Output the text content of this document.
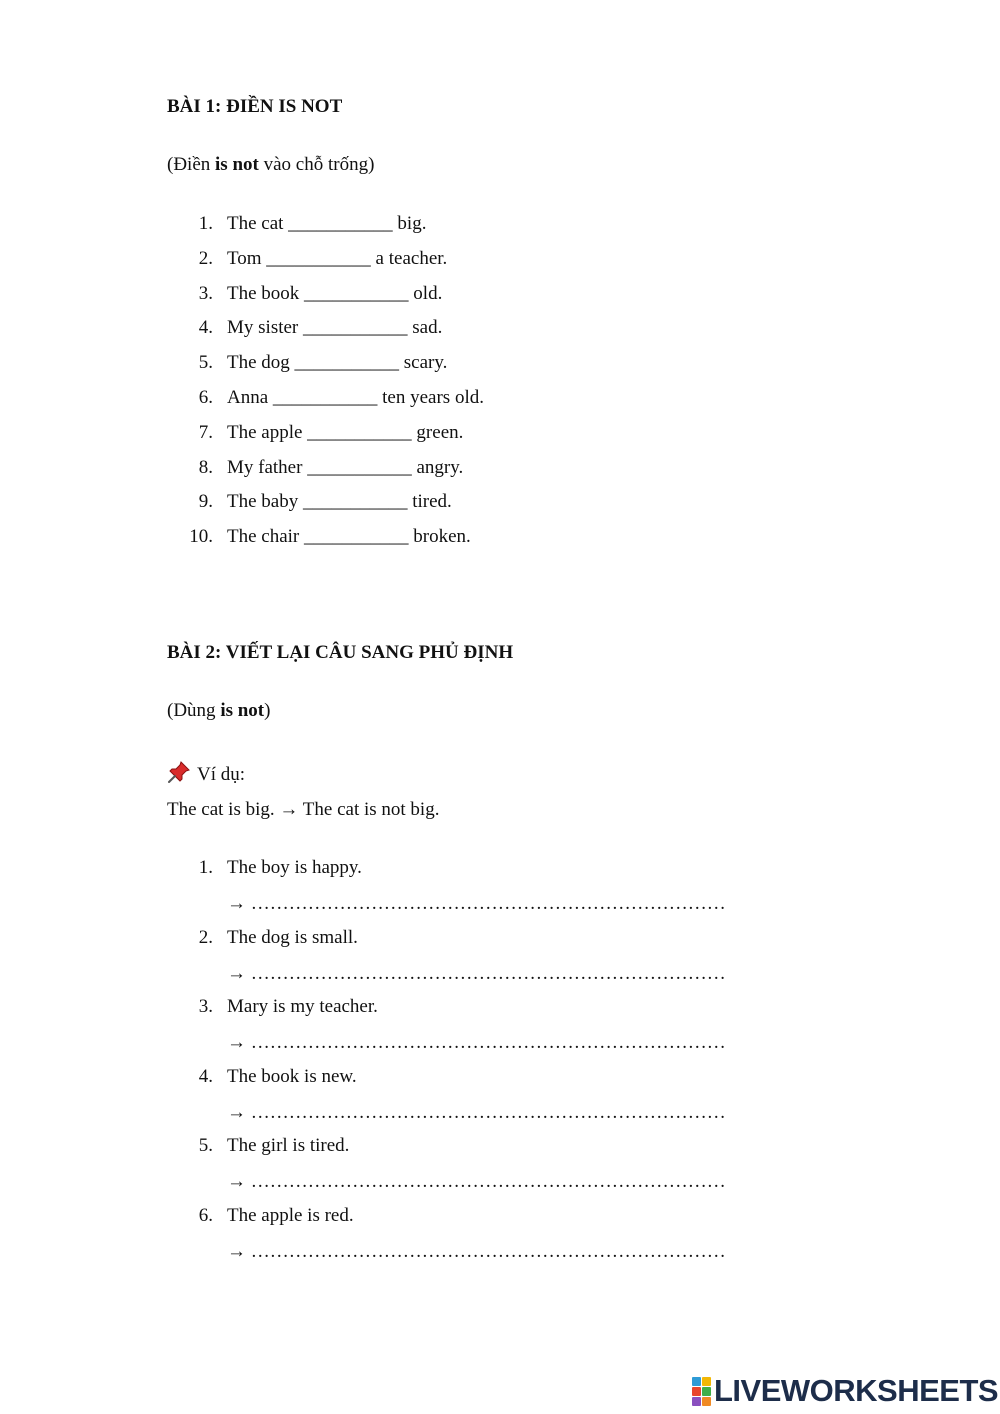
BÀI 1: ĐIỀN IS NOT
(Điền is not vào chỗ trống)
1. The cat ___________ big.
2. Tom ___________ a teacher.
3. The book ___________ old.
4. My sister ___________ sad.
5. The dog ___________ scary.
6. Anna ___________ ten years old.
7. The apple ___________ green.
8. My father ___________ angry.
9. The baby ___________ tired.
10. The chair ___________ broken.
BÀI 2: VIẾT LẠI CÂU SANG PHỦ ĐỊNH
(Dùng is not)
Ví dụ:
The cat is big. → The cat is not big.
1. The boy is happy.
→ …………………………………………………………………
2. The dog is small.
→ …………………………………………………………………
3. Mary is my teacher.
→ …………………………………………………………………
4. The book is new.
→ …………………………………………………………………
5. The girl is tired.
→ …………………………………………………………………
6. The apple is red.
→ …………………………………………………………………
LIVEWORKSHEETS
